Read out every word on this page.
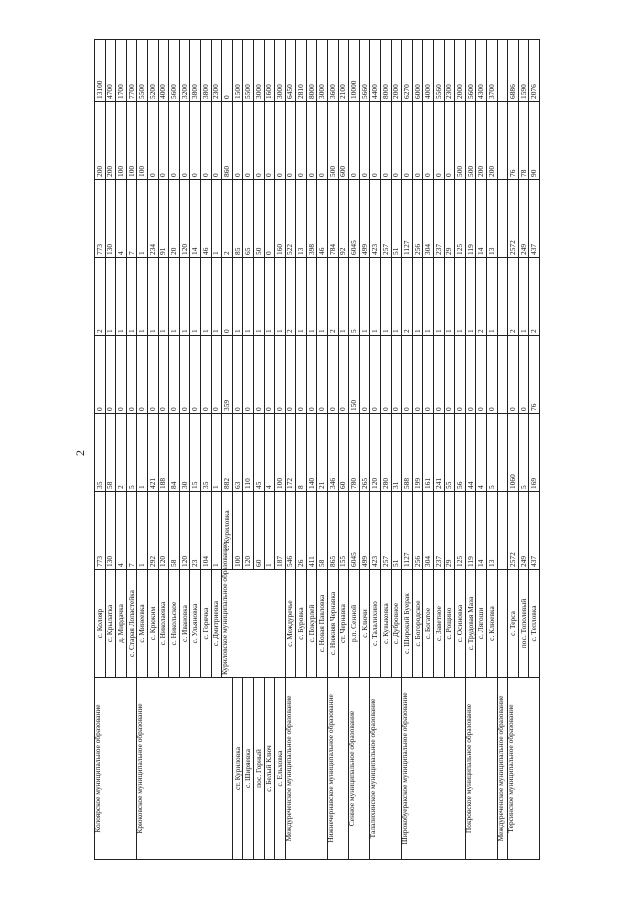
2
Колоярское муниципальное образование	с. Колояр	773	35	0	2	773	200	13100	
	с. Крылатка	130	58	0	1	130	200	4700	
	д. Мирдачка	4	2	0	1	4	100	1700	
	с. Старая Лопастейка	7	5	0	1	7	100	7700	
Крюковское муниципальное образование	с. Минеевка	1	1	0	1	1	100	5500	
	с. Крюким	292	421	0	1	234	0	5200	
	с. Николаевка	120	188	0	1	91	0	4000	
	с. Никольское	58	84	0	1	20	0	5600	
	с. Ивановка	120	30	0	1	120	0	3200	
	с. Ульяновка	23	15	0	1	14	0	3800	
	с. Горячка	104	35	0	1	46	0	3800	
	с. Дмитриевка	1	1	0	1	1	0	2300	
	Куриловское муниципальное образование	с. Куриловка	882	359	0	2	860	0	
ст. Куриловка		100	63	0	1	85	0	1500	
с. Ширяевка		120	110	0	1	65	0	5500	
пос. Горный		60	45	0	1	50	0	3000	
с. Белый Ключ		1	4	0	1	0	0	1600	
с. Ельховка		187	100	0	1	160	0	3000	
Междуреченское муниципальное образование	с. Междуречье	546	172	0	2	522	0	6450	
	с. Буровка	26	8	0	1	13	0	2810	
	с. Покурлей	411	140	0	1	398	0	8000	
	с. Новая Павловка	58	21	0	1	46	0	3000	
Нижнечернавское муниципальное образование	с. Нижняя Чернавка	865	346	0	2	784	500	3600	
	ст. Чернавка	155	60	0	1	92	600	2100	
Сенное муниципальное образование	р.п. Сенной	6045	780	150	5	6045	0	10000	
	с. Ключи	499	265	0	1	499	0	5660	
Талалихинское муниципальное образование	с. Талалихино	423	120	0	1	423	0	4400	
	с. Кувыковка	257	280	0	1	257	0	8000	
	с. Дубровное	51	31	0	1	51	0	2000	
Широкобуеракское муниципальное образование	с. Широкий Буерак	1127	588	0	2	1127	0	6270	
	с. Богородское	256	199	0	1	256	0	6000	
	с. Богатое	304	161	0	1	304	0	4000	
	с. Заветное	237	241	0	1	237	0	5560	
	с. Рощино	29	55	0	1	29	0	2300	
	с. Осиновка	125	56	0	1	125	500	2000	
Покровское муниципальное образование	с. Трудовая Маза	119	44	0	1	119	500	5600	
	с. Лягоши	14	4	0	2	14	200	4300	
	с. Клюевка	13	5	0	1	13	200	3700	
Междуреченское муниципальное образование									
Терсинское муниципальное образование	с. Терса	2572	1060	0	2	2572	76	6886	
	пос. Тополевый	249	5	0	1	249	78	1590	
	с. Тепловка	437	169	76	2	437	90	2076	
